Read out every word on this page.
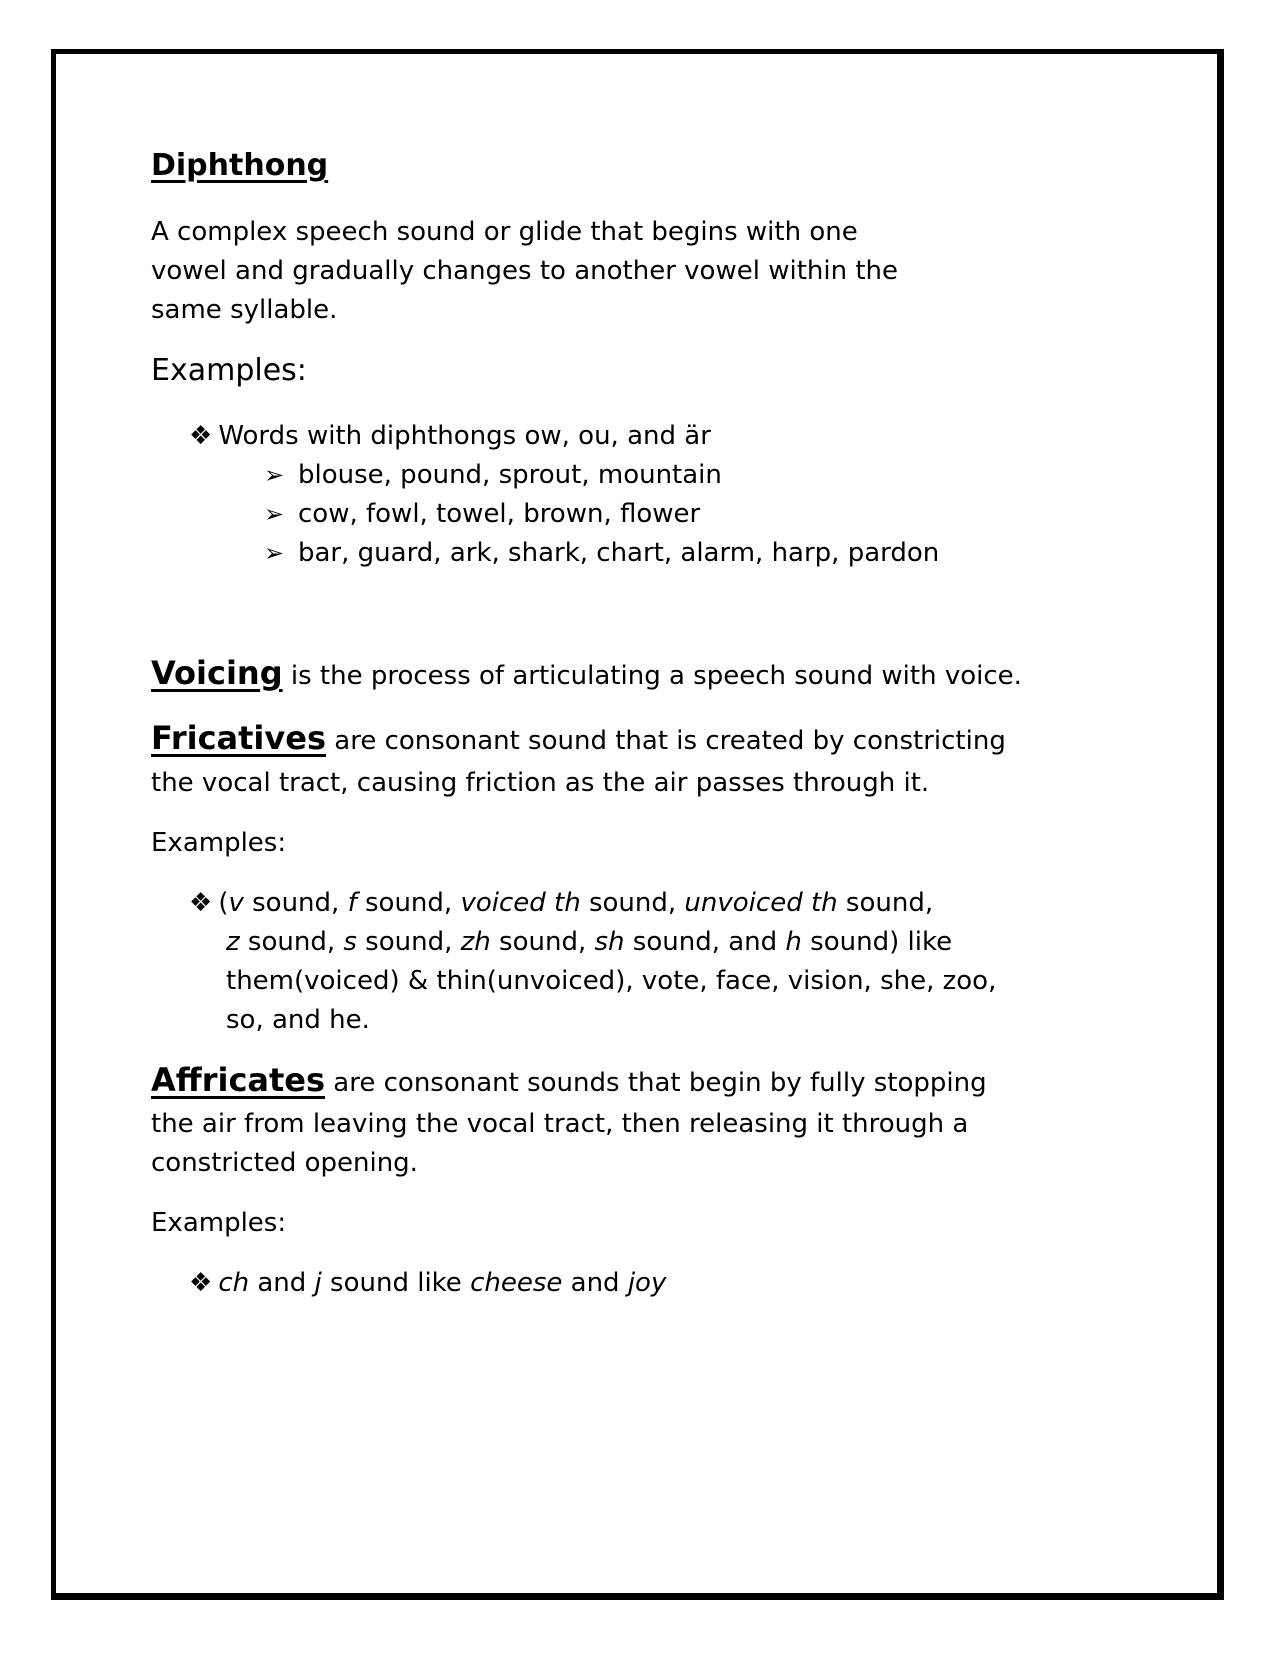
Diphthong
A complex speech sound or glide that begins with one
vowel and gradually changes to another vowel within the
same syllable.
Examples:
❖ Words with diphthongs ow, ou, and är
➢ blouse, pound, sprout, mountain
➢ cow, fowl, towel, brown, flower
➢ bar, guard, ark, shark, chart, alarm, harp, pardon
Voicing is the process of articulating a speech sound with voice.
Fricatives are consonant sound that is created by constricting
the vocal tract, causing friction as the air passes through it.
Examples:
❖ (v sound, f sound, voiced th sound, unvoiced th sound,
z sound, s sound, zh sound, sh sound, and h sound) like
them(voiced) & thin(unvoiced), vote, face, vision, she, zoo,
so, and he.
Affricates are consonant sounds that begin by fully stopping
the air from leaving the vocal tract, then releasing it through a
constricted opening.
Examples:
❖ ch and j sound like cheese and joy
